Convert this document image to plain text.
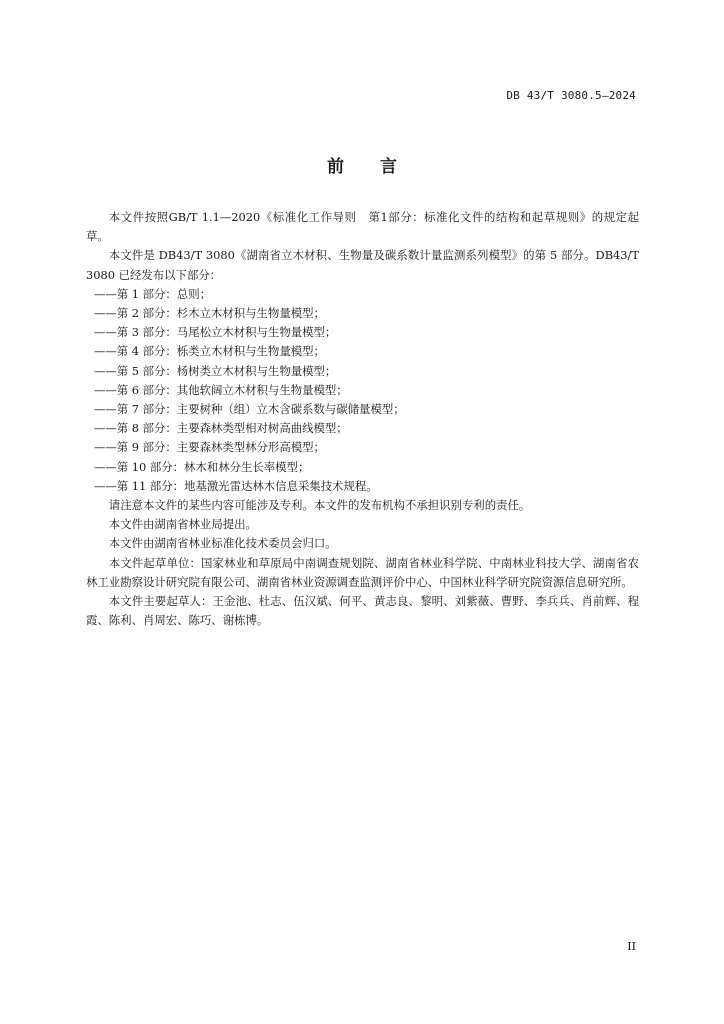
DB 43/T 3080.5—2024
前言

本文件按照GB/T 1.1—2020《标准化工作导则　第1部分：标准化文件的结构和起草规则》的规定起草。

本文件是 DB43/T 3080《湖南省立木材积、生物量及碳系数计量监测系列模型》的第 5 部分。DB43/T 3080 已经发布以下部分：

——第 1 部分：总则；

——第 2 部分：杉木立木材积与生物量模型；

——第 3 部分：马尾松立木材积与生物量模型；

——第 4 部分：栎类立木材积与生物量模型；

——第 5 部分：杨树类立木材积与生物量模型；

——第 6 部分：其他软阔立木材积与生物量模型；

——第 7 部分：主要树种（组）立木含碳系数与碳储量模型；

——第 8 部分：主要森林类型相对树高曲线模型；

——第 9 部分：主要森林类型林分形高模型；

——第 10 部分：林木和林分生长率模型；

——第 11 部分：地基激光雷达林木信息采集技术规程。

请注意本文件的某些内容可能涉及专利。本文件的发布机构不承担识别专利的责任。

本文件由湖南省林业局提出。

本文件由湖南省林业标准化技术委员会归口。

本文件起草单位：国家林业和草原局中南调查规划院、湖南省林业科学院、中南林业科技大学、湖南省农林工业勘察设计研究院有限公司、湖南省林业资源调查监测评价中心、中国林业科学研究院资源信息研究所。

本文件主要起草人：王金池、杜志、伍汉斌、何平、黄志良、黎明、刘紫薇、曹野、李兵兵、肖前辉、程霞、陈利、肖周宏、陈巧、谢栋博。

II
